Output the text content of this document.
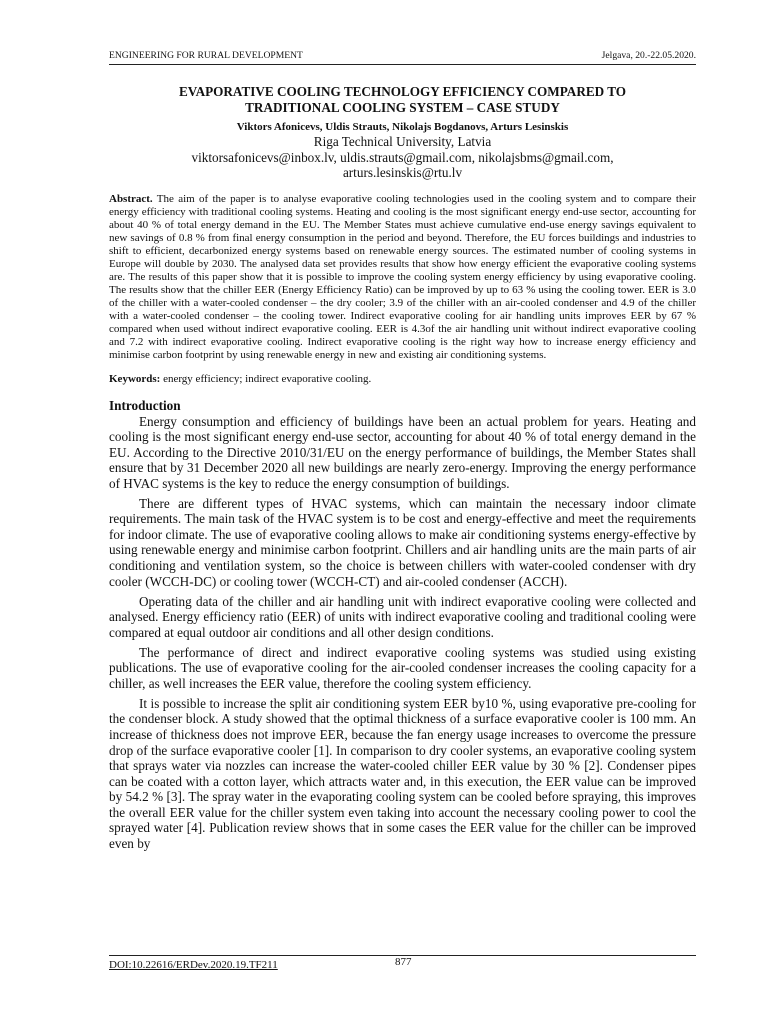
ENGINEERING FOR RURAL DEVELOPMENT	Jelgava, 20.-22.05.2020.
EVAPORATIVE COOLING TECHNOLOGY EFFICIENCY COMPARED TO TRADITIONAL COOLING SYSTEM – CASE STUDY
Viktors Afonicevs, Uldis Strauts, Nikolajs Bogdanovs, Arturs Lesinskis
Riga Technical University, Latvia
viktorsafonicevs@inbox.lv, uldis.strauts@gmail.com, nikolajsbms@gmail.com,
arturs.lesinskis@rtu.lv
Abstract. The aim of the paper is to analyse evaporative cooling technologies used in the cooling system and to compare their energy efficiency with traditional cooling systems. Heating and cooling is the most significant energy end-use sector, accounting for about 40 % of total energy demand in the EU. The Member States must achieve cumulative end-use energy savings equivalent to new savings of 0.8 % from final energy consumption in the period and beyond. Therefore, the EU forces buildings and industries to shift to efficient, decarbonized energy systems based on renewable energy sources. The estimated number of cooling systems in Europe will double by 2030. The analysed data set provides results that show how energy efficient the evaporative cooling systems are. The results of this paper show that it is possible to improve the cooling system energy efficiency by using evaporative cooling. The results show that the chiller EER (Energy Efficiency Ratio) can be improved by up to 63 % using the cooling tower. EER is 3.0 of the chiller with a water-cooled condenser – the dry cooler; 3.9 of the chiller with an air-cooled condenser and 4.9 of the chiller with a water-cooled condenser – the cooling tower. Indirect evaporative cooling for air handling units improves EER by 67 % compared when used without indirect evaporative cooling. EER is 4.3of the air handling unit without indirect evaporative cooling and 7.2 with indirect evaporative cooling. Indirect evaporative cooling is the right way how to increase energy efficiency and minimise carbon footprint by using renewable energy in new and existing air conditioning systems.
Keywords: energy efficiency; indirect evaporative cooling.
Introduction

Energy consumption and efficiency of buildings have been an actual problem for years. Heating and cooling is the most significant energy end-use sector, accounting for about 40 % of total energy demand in the EU. According to the Directive 2010/31/EU on the energy performance of buildings, the Member States shall ensure that by 31 December 2020 all new buildings are nearly zero-energy. Improving the energy performance of HVAC systems is the key to reduce the energy consumption of buildings.

There are different types of HVAC systems, which can maintain the necessary indoor climate requirements. The main task of the HVAC system is to be cost and energy-effective and meet the requirements for indoor climate. The use of evaporative cooling allows to make air conditioning systems energy-effective by using renewable energy and minimise carbon footprint. Chillers and air handling units are the main parts of air conditioning and ventilation system, so the choice is between chillers with water-cooled condenser with dry cooler (WCCH-DC) or cooling tower (WCCH-CT) and air-cooled condenser (ACCH).

Operating data of the chiller and air handling unit with indirect evaporative cooling were collected and analysed. Energy efficiency ratio (EER) of units with indirect evaporative cooling and traditional cooling were compared at equal outdoor air conditions and all other design conditions.

The performance of direct and indirect evaporative cooling systems was studied using existing publications. The use of evaporative cooling for the air-cooled condenser increases the cooling capacity for a chiller, as well increases the EER value, therefore the cooling system efficiency.

It is possible to increase the split air conditioning system EER by10 %, using evaporative pre-cooling for the condenser block. A study showed that the optimal thickness of a surface evaporative cooler is 100 mm. An increase of thickness does not improve EER, because the fan energy usage increases to overcome the pressure drop of the surface evaporative cooler [1]. In comparison to dry cooler systems, an evaporative cooling system that sprays water via nozzles can increase the water-cooled chiller EER value by 30 % [2]. Condenser pipes can be coated with a cotton layer, which attracts water and, in this execution, the EER value can be improved by 54.2 % [3]. The spray water in the evaporating cooling system can be cooled before spraying, this improves the overall EER value for the chiller system even taking into account the necessary cooling power to cool the sprayed water [4]. Publication review shows that in some cases the EER value for the chiller can be improved even by

DOI:10.22616/ERDev.2020.19.TF211	877
